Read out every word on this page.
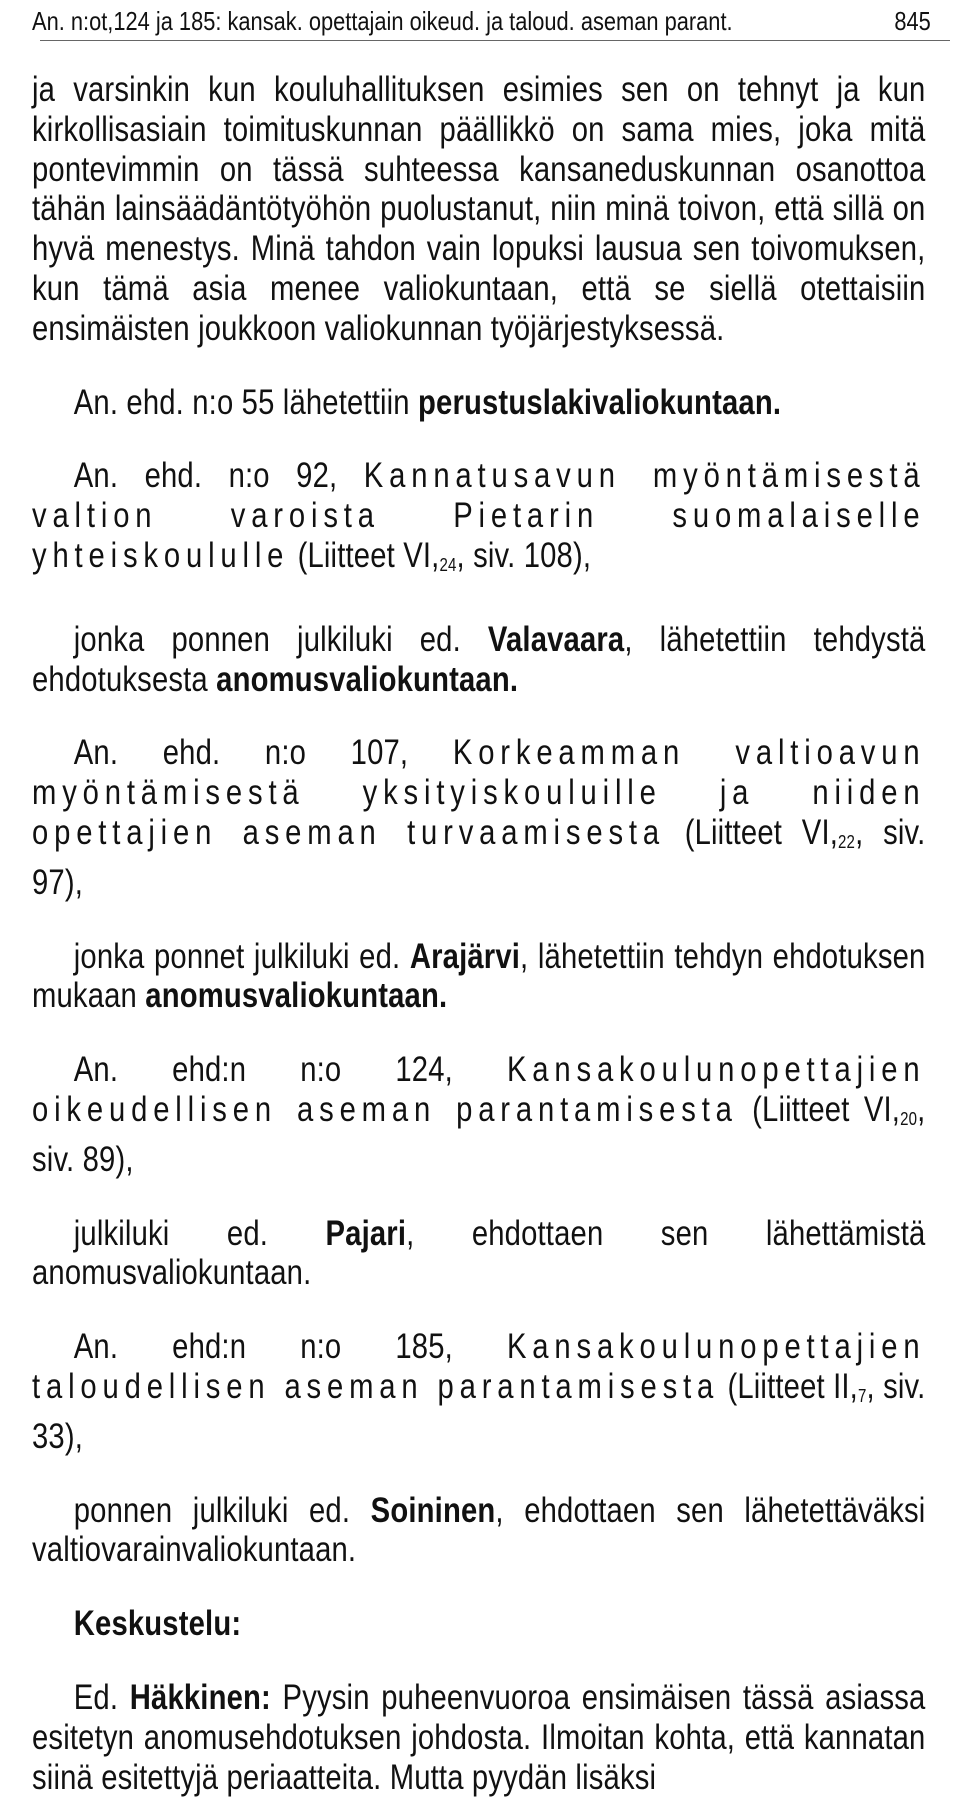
An. n:ot,124 ja 185: kansak. opettajain oikeud. ja taloud. aseman parant.	845

ja varsinkin kun kouluhallituksen esimies sen on tehnyt ja kun kirkollisasiain toimituskunnan päällikkö on sama mies, joka mitä pontevimmin on tässä suhteessa kansaneduskunnan osanottoa tähän lainsäädäntötyöhön puolustanut, niin minä toivon, että sillä on hyvä menestys. Minä tahdon vain lopuksi lausua sen toivomuksen, kun tämä asia menee valiokuntaan, että se siellä otettaisiin ensimäisten joukkoon valiokunnan työjärjestyksessä.

An. ehd. n:o 55 lähetettiin perustuslakivaliokuntaan.

An. ehd. n:o 92, Kannatusavun myöntämisestä valtion varoista Pietarin suomalaiselle yhteiskoululle (Liitteet $VI,_{24}$, siv. 108),

jonka ponnen julkiluki ed. Valavaara, lähetettiin tehdystä ehdotuksesta anomusvaliokuntaan.

An. ehd. n:o 107, Korkeamman valtioavun myöntämisestä yksityiskouluille ja niiden opettajien aseman turvaamisesta (Liitteet $VI,_{22}$, siv. 97),

jonka ponnet julkiluki ed. Arajärvi, lähetettiin tehdyn ehdotuksen mukaan anomusvaliokuntaan.

An. ehd:n n:o 124, Kansakoulunopettajien oikeudellisen aseman parantamisesta (Liitteet $VI,_{20}$, siv. 89),

julkiluki ed. Pajari, ehdottaen sen lähettämistä anomusvaliokuntaan.

An. ehd:n n:o 185, Kansakoulunopettajien taloudellisen aseman parantamisesta (Liitteet $II,_7$, siv. 33),

ponnen julkiluki ed. Soininen, ehdottaen sen lähetettäväksi valtiovarainvaliokuntaan.

Keskustelu:

Ed. Häkkinen: Pyysin puheenvuoroa ensimäisen tässä asiassa esitetyn anomusehdotuksen johdosta. Ilmoitan kohta, että kannatan siinä esitettyjä periaatteita. Mutta pyydän lisäksi
